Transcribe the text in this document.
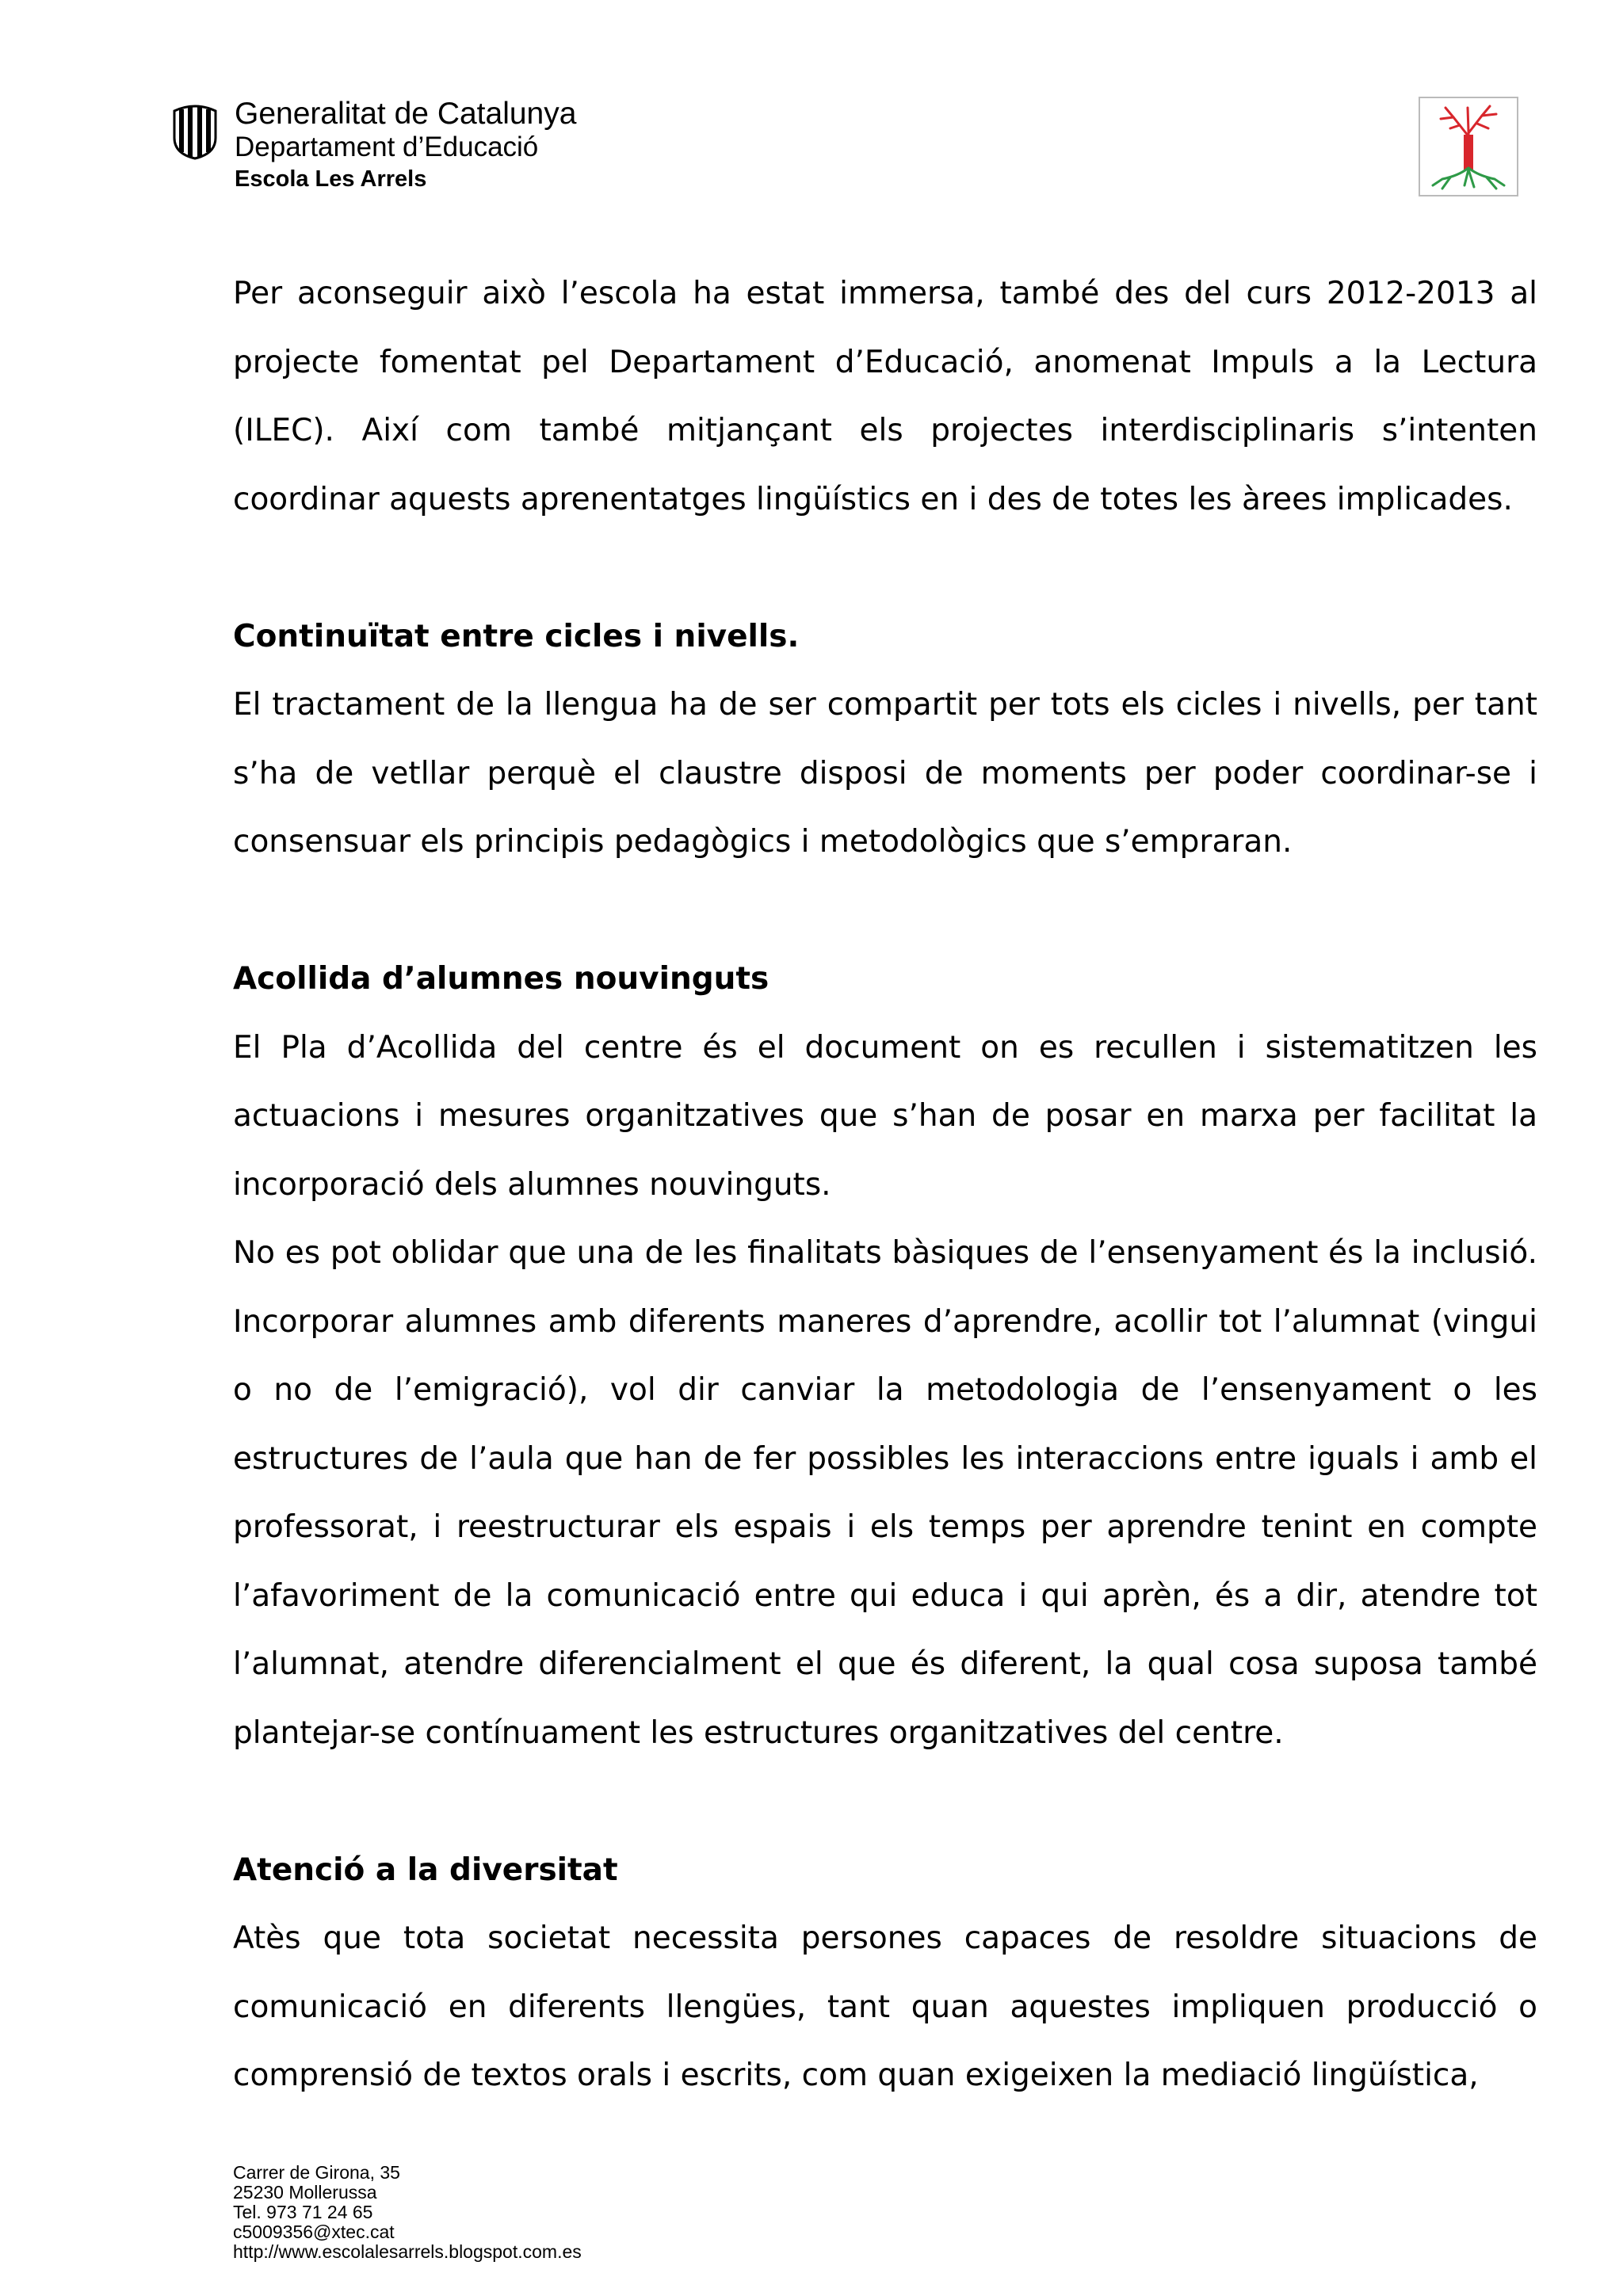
Generalitat de Catalunya
Departament d’Educació
Escola Les Arrels

Per aconseguir això l’escola ha estat immersa, també des del curs 2012-2013 al projecte fomentat pel Departament d’Educació, anomenat Impuls a la Lectura (ILEC). Així com també mitjançant els projectes interdisciplinaris s’intenten coordinar aquests aprenentatges lingüístics en i des de totes les àrees implicades.

Continuïtat entre cicles i nivells.

El tractament de la llengua ha de ser compartit per tots els cicles i nivells, per tant s’ha de vetllar perquè el claustre disposi de moments per poder coordinar-se i consensuar els principis pedagògics i metodològics que s’empraran.

Acollida d’alumnes nouvinguts

El Pla d’Acollida del centre és el document on es recullen i sistematitzen les actuacions i mesures organitzatives que s’han de posar en marxa per facilitat la incorporació dels alumnes nouvinguts.

No es pot oblidar que una de les finalitats bàsiques de l’ensenyament és la inclusió. Incorporar alumnes amb diferents maneres d’aprendre, acollir tot l’alumnat (vingui o no de l’emigració), vol dir canviar la metodologia de l’ensenyament o les estructures de l’aula que han de fer possibles les interaccions entre iguals i amb el professorat, i reestructurar els espais i els temps per aprendre tenint en compte l’afavoriment de la comunicació entre qui educa i qui aprèn, és a dir, atendre tot l’alumnat, atendre diferencialment el que és diferent, la qual cosa suposa també plantejar-se contínuament les estructures organitzatives del centre.

Atenció a la diversitat

Atès que tota societat necessita persones capaces de resoldre situacions de comunicació en diferents llengües, tant quan aquestes impliquen producció o comprensió de textos orals i escrits, com quan exigeixen la mediació lingüística,

Carrer de Girona, 35
25230 Mollerussa
Tel. 973 71 24 65
c5009356@xtec.cat
http://www.escolalesarrels.blogspot.com.es
